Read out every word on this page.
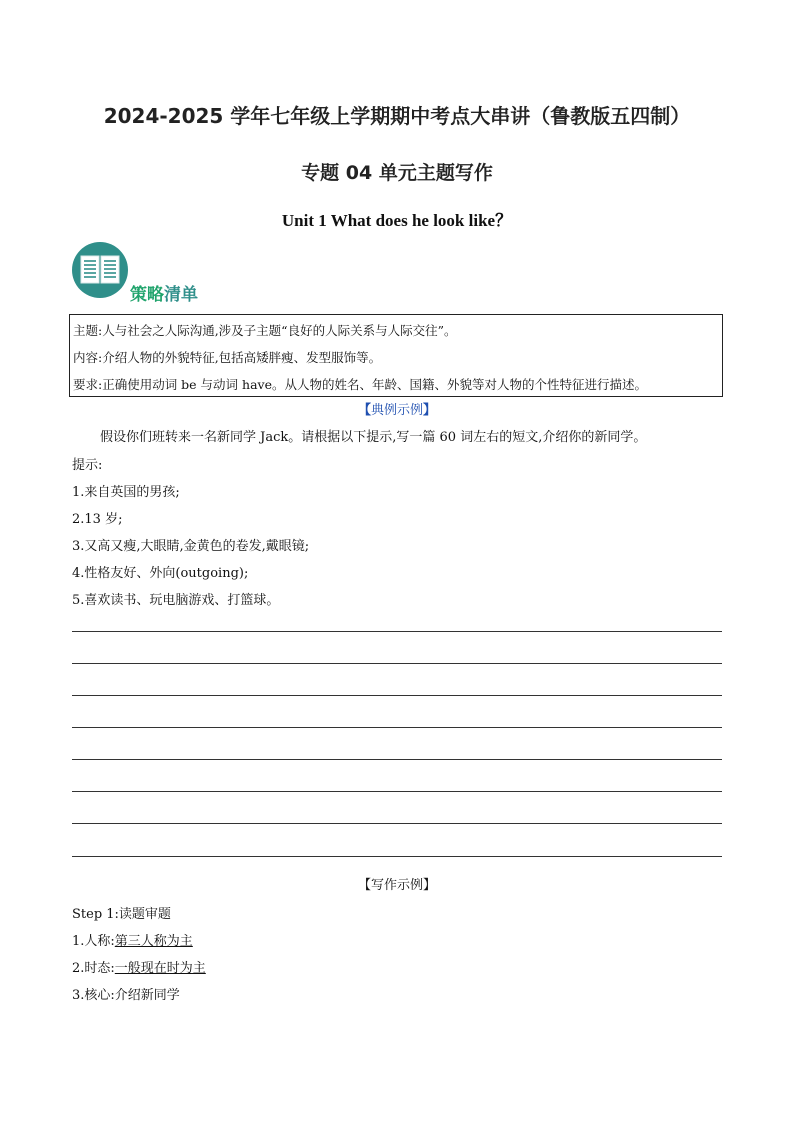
2024-2025 学年七年级上学期期中考点大串讲（鲁教版五四制）
专题 04 单元主题写作
Unit 1 What does he look like？
策略清单
主题:人与社会之人际沟通,涉及子主题“良好的人际关系与人际交往”。
内容:介绍人物的外貌特征,包括高矮胖瘦、发型服饰等。
要求:正确使用动词 be 与动词 have。从人物的姓名、年龄、国籍、外貌等对人物的个性特征进行描述。
【典例示例】
假设你们班转来一名新同学 Jack。请根据以下提示,写一篇 60 词左右的短文,介绍你的新同学。
提示:
1.来自英国的男孩;
2.13 岁;
3.又高又瘦,大眼睛,金黄色的卷发,戴眼镜;
4.性格友好、外向(outgoing);
5.喜欢读书、玩电脑游戏、打篮球。
【写作示例】
Step 1:读题审题
1.人称:第三人称为主
2.时态:一般现在时为主
3.核心:介绍新同学
